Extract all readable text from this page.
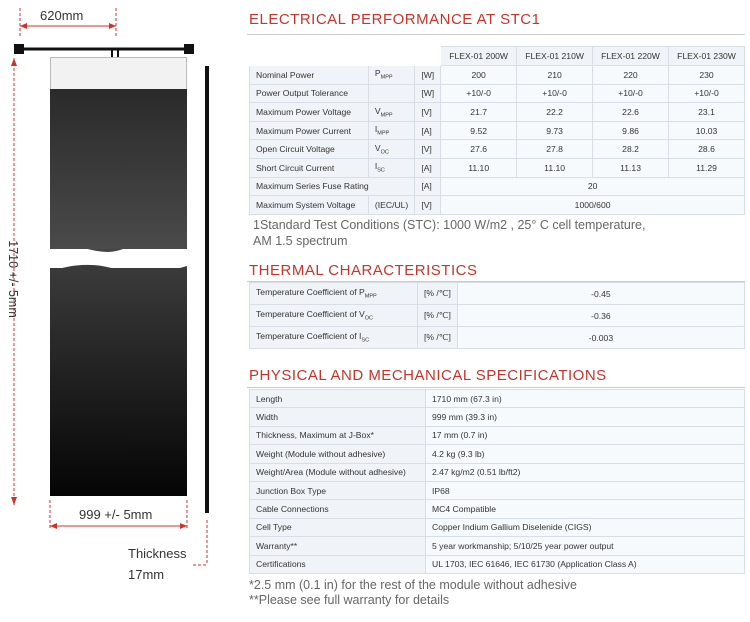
620mm
1710 +/- 5mm
999 +/- 5mm
Thickness
17mm
ELECTRICAL PERFORMANCE AT STC1
			FLEX-01 200W	FLEX-01 210W	FLEX-01 220W	FLEX-01 230W
Nominal Power	$P_{MPP}$	[W]	200	210	220	230
Power Output Tolerance		[W]	+10/-0	+10/-0	+10/-0	+10/-0
Maximum Power Voltage	$V_{MPP}$	[V]	21.7	22.2	22.6	23.1
Maximum Power Current	$I_{MPP}$	[A]	9.52	9.73	9.86	10.03
Open Circuit Voltage	$V_{OC}$	[V]	27.6	27.8	28.2	28.6
Short Circuit Current	$I_{SC}$	[A]	11.10	11.10	11.13	11.29
Maximum Series Fuse Rating		[A]	20			
Maximum System Voltage	(IEC/UL)	[V]	1000/600			
1Standard Test Conditions (STC): 1000 W/m2 , 25° C cell temperature,
AM 1.5 spectrum
THERMAL CHARACTERISTICS
Temperature Coefficient of $P_{MPP}$	[% /℃]	-0.45
Temperature Coefficient of $V_{OC}$	[% /℃]	-0.36
Temperature Coefficient of $I_{SC}$	[% /℃]	-0.003
PHYSICAL AND MECHANICAL SPECIFICATIONS
Length	1710 mm (67.3 in)
Width	999 mm (39.3 in)
Thickness, Maximum at J-Box*	17 mm (0.7 in)
Weight (Module without adhesive)	4.2 kg (9.3 lb)
Weight/Area (Module without adhesive)	2.47 kg/m2 (0.51 lb/ft2)
Junction Box Type	IP68
Cable Connections	MC4 Compatible
Cell Type	Copper Indium Gallium Diselenide (CIGS)
Warranty**	5 year workmanship; 5/10/25 year power output
Certifications	UL 1703, IEC 61646, IEC 61730 (Application Class A)
*2.5 mm (0.1 in) for the rest of the module without adhesive
**Please see full warranty for details
